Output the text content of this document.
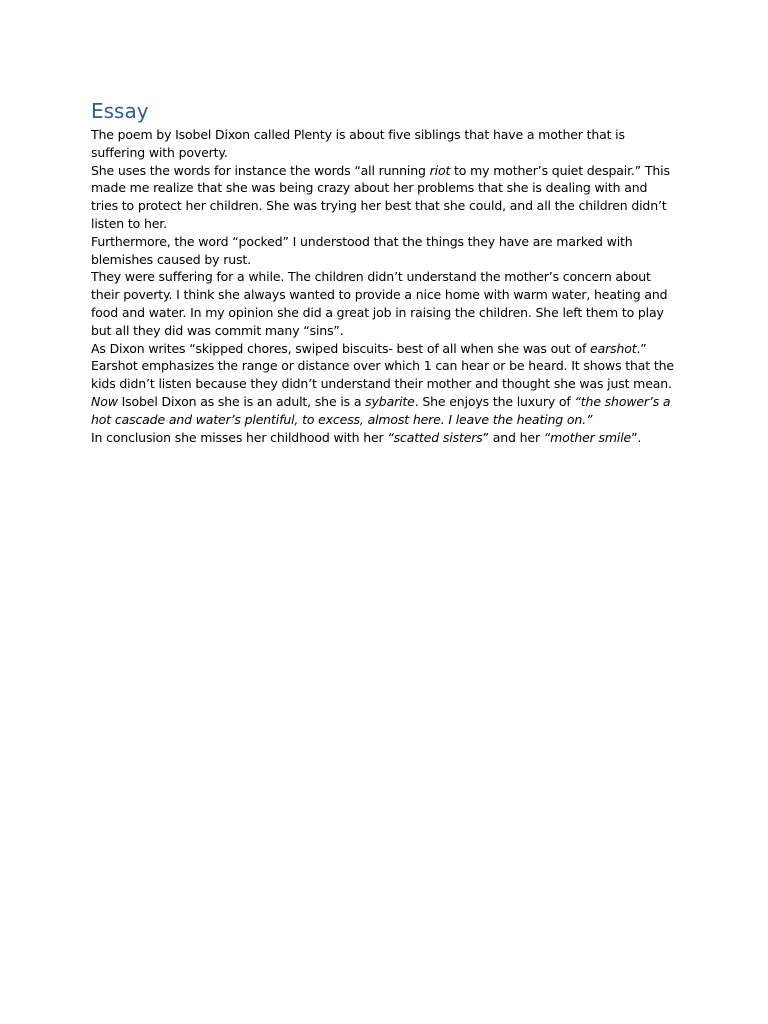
Essay

The poem by Isobel Dixon called Plenty is about five siblings that have a mother that is suffering with poverty.

She uses the words for instance the words “all running riot to my mother’s quiet despair.” This made me realize that she was being crazy about her problems that she is dealing with and tries to protect her children. She was trying her best that she could, and all the children didn’t listen to her.

Furthermore, the word “pocked” I understood that the things they have are marked with blemishes caused by rust.

They were suffering for a while. The children didn’t understand the mother’s concern about their poverty. I think she always wanted to provide a nice home with warm water, heating and food and water. In my opinion she did a great job in raising the children. She left them to play but all they did was commit many “sins”.

As Dixon writes “skipped chores, swiped biscuits- best of all when she was out of earshot.” Earshot emphasizes the range or distance over which 1 can hear or be heard. It shows that the kids didn’t listen because they didn’t understand their mother and thought she was just mean.

Now Isobel Dixon as she is an adult, she is a sybarite. She enjoys the luxury of “the shower’s a hot cascade and water’s plentiful, to excess, almost here. I leave the heating on.”

In conclusion she misses her childhood with her “scatted sisters” and her “mother smile”.
